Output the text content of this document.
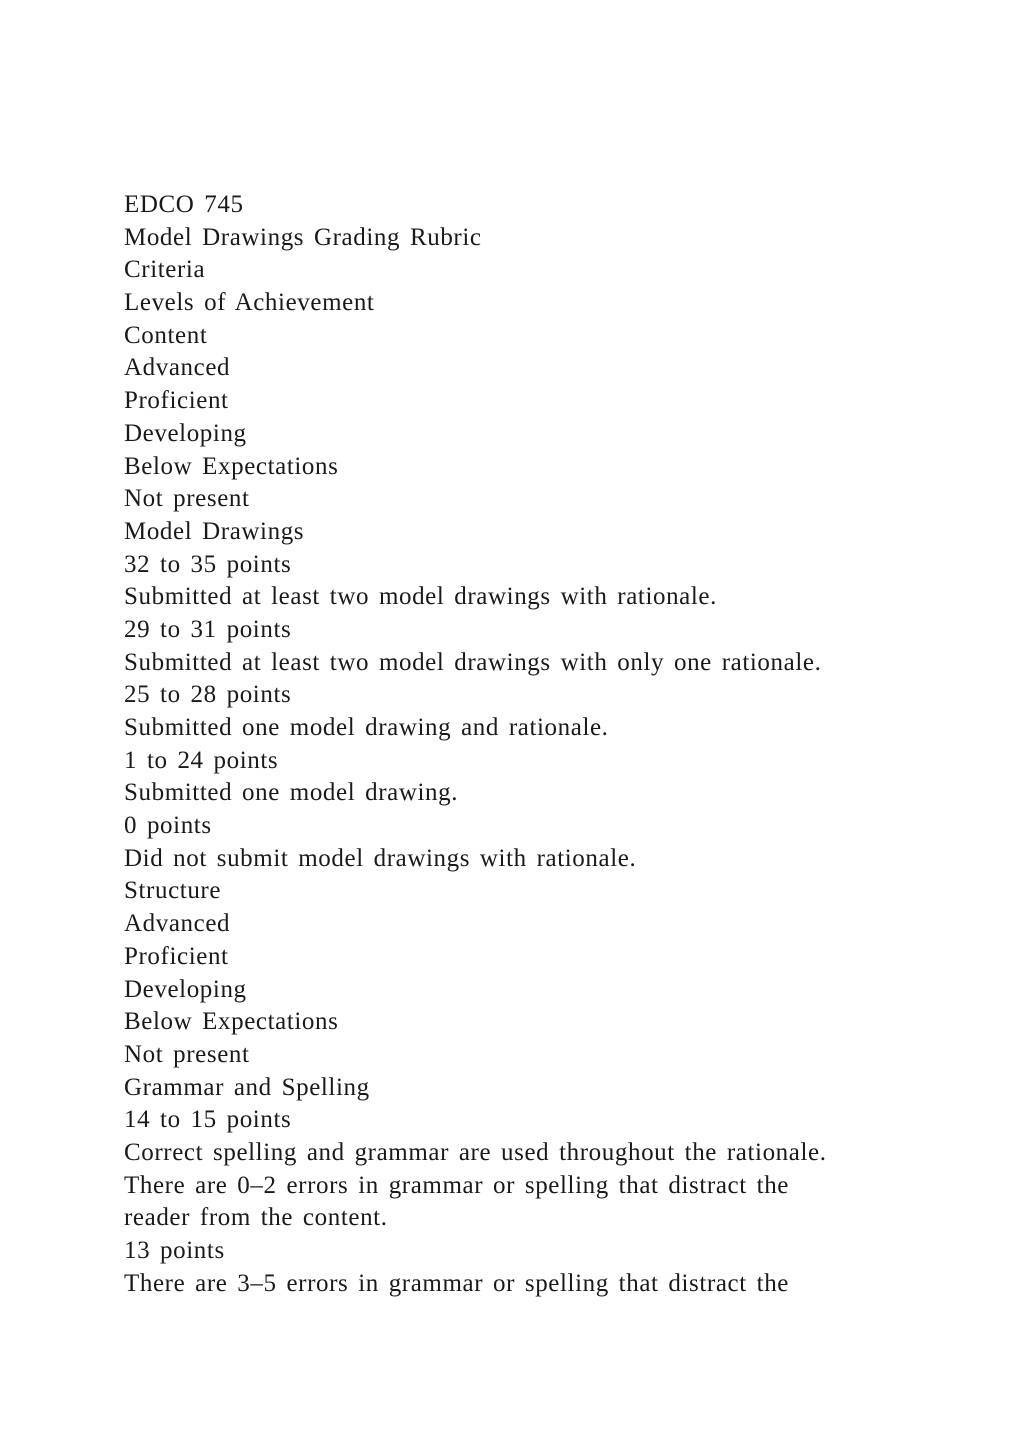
EDCO 745
Model Drawings Grading Rubric
Criteria
Levels of Achievement
Content
Advanced
Proficient
Developing
Below Expectations
Not present
Model Drawings
32 to 35 points
Submitted at least two model drawings with rationale.
29 to 31 points
Submitted at least two model drawings with only one rationale.
25 to 28 points
Submitted one model drawing and rationale.
1 to 24 points
Submitted one model drawing.
0 points
Did not submit model drawings with rationale.
Structure
Advanced
Proficient
Developing
Below Expectations
Not present
Grammar and Spelling
14 to 15 points
Correct spelling and grammar are used throughout the rationale.
There are 0–2 errors in grammar or spelling that distract the
reader from the content.
13 points
There are 3–5 errors in grammar or spelling that distract the
